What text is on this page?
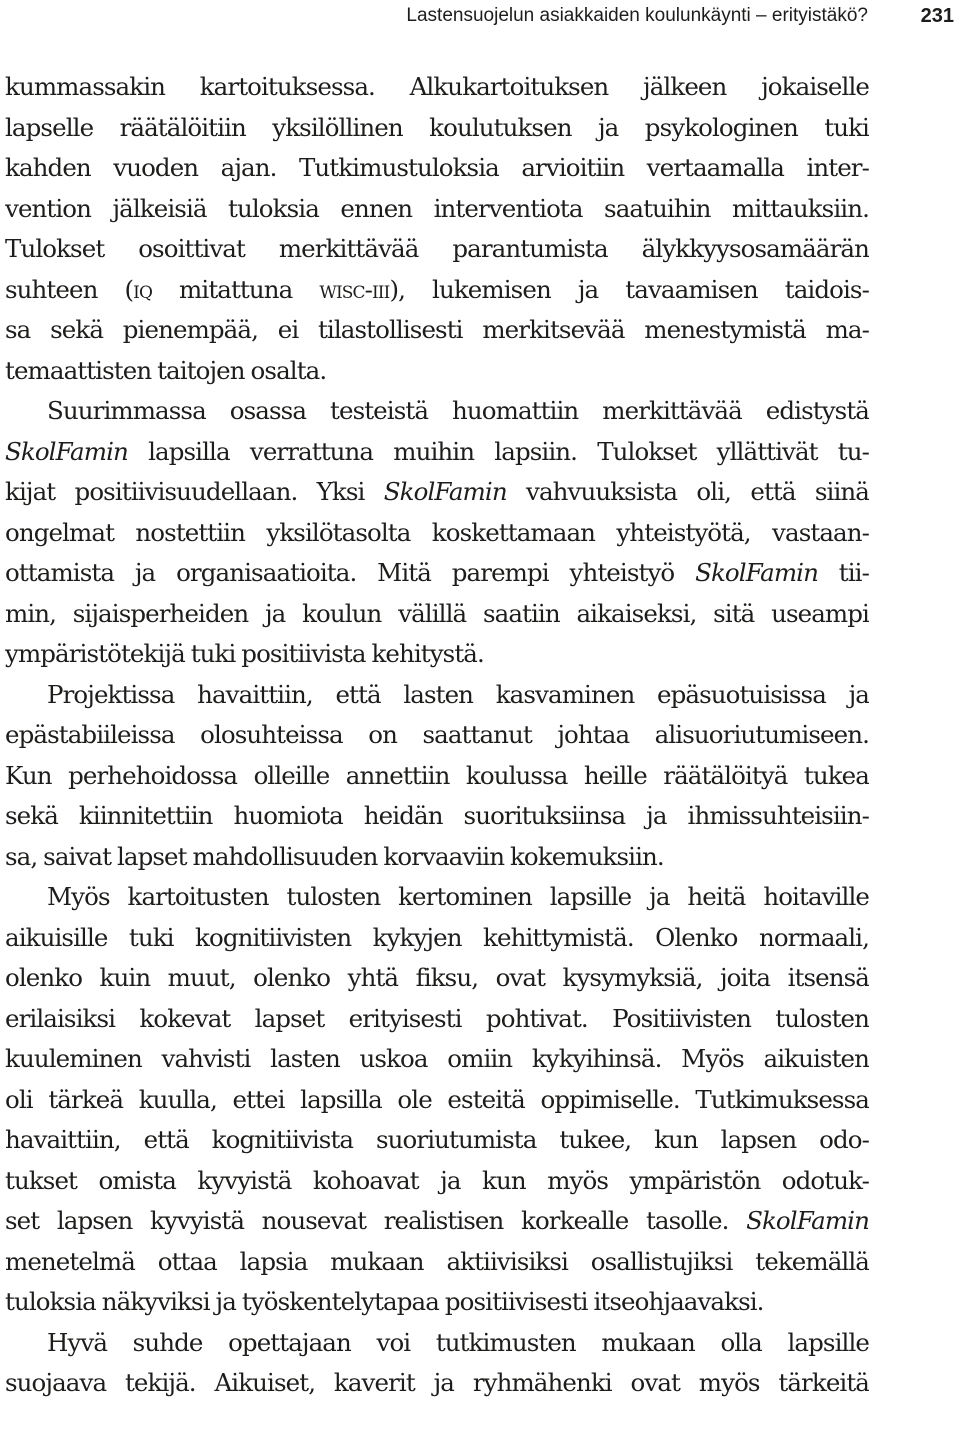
Lastensuojelun asiakkaiden koulunkäynti – erityistäkö?	231
kummassakin kartoituksessa. Alkukartoituksen jälkeen jokaiselle
lapselle räätälöitiin yksilöllinen koulutuksen ja psykologinen tuki
kahden vuoden ajan. Tutkimustuloksia arvioitiin vertaamalla inter-
vention jälkeisiä tuloksia ennen interventiota saatuihin mittauksiin.
Tulokset osoittivat merkittävää parantumista älykkyysosamäärän
suhteen (iq mitattuna wisc-iii), lukemisen ja tavaamisen taidois-
sa sekä pienempää, ei tilastollisesti merkitsevää menestymistä ma-
temaattisten taitojen osalta.
Suurimmassa osassa testeistä huomattiin merkittävää edistystä
SkolFamin lapsilla verrattuna muihin lapsiin. Tulokset yllättivät tu-
kijat positiivisuudellaan. Yksi SkolFamin vahvuuksista oli, että siinä
ongelmat nostettiin yksilötasolta koskettamaan yhteistyötä, vastaan-
ottamista ja organisaatioita. Mitä parempi yhteistyö SkolFamin tii-
min, sijaisperheiden ja koulun välillä saatiin aikaiseksi, sitä useampi
ympäristötekijä tuki positiivista kehitystä.
Projektissa havaittiin, että lasten kasvaminen epäsuotuisissa ja
epästabiileissa olosuhteissa on saattanut johtaa alisuoriutumiseen.
Kun perhehoidossa olleille annettiin koulussa heille räätälöityä tukea
sekä kiinnitettiin huomiota heidän suorituksiinsa ja ihmissuhteisiin-
sa, saivat lapset mahdollisuuden korvaaviin kokemuksiin.
Myös kartoitusten tulosten kertominen lapsille ja heitä hoitaville
aikuisille tuki kognitiivisten kykyjen kehittymistä. Olenko normaali,
olenko kuin muut, olenko yhtä fiksu, ovat kysymyksiä, joita itsensä
erilaisiksi kokevat lapset erityisesti pohtivat. Positiivisten tulosten
kuuleminen vahvisti lasten uskoa omiin kykyihinsä. Myös aikuisten
oli tärkeä kuulla, ettei lapsilla ole esteitä oppimiselle. Tutkimuksessa
havaittiin, että kognitiivista suoriutumista tukee, kun lapsen odo-
tukset omista kyvyistä kohoavat ja kun myös ympäristön odotuk-
set lapsen kyvyistä nousevat realistisen korkealle tasolle. SkolFamin
menetelmä ottaa lapsia mukaan aktiivisiksi osallistujiksi tekemällä
tuloksia näkyviksi ja työskentelytapaa positiivisesti itseohjaavaksi.
Hyvä suhde opettajaan voi tutkimusten mukaan olla lapsille
suojaava tekijä. Aikuiset, kaverit ja ryhmähenki ovat myös tärkeitä
